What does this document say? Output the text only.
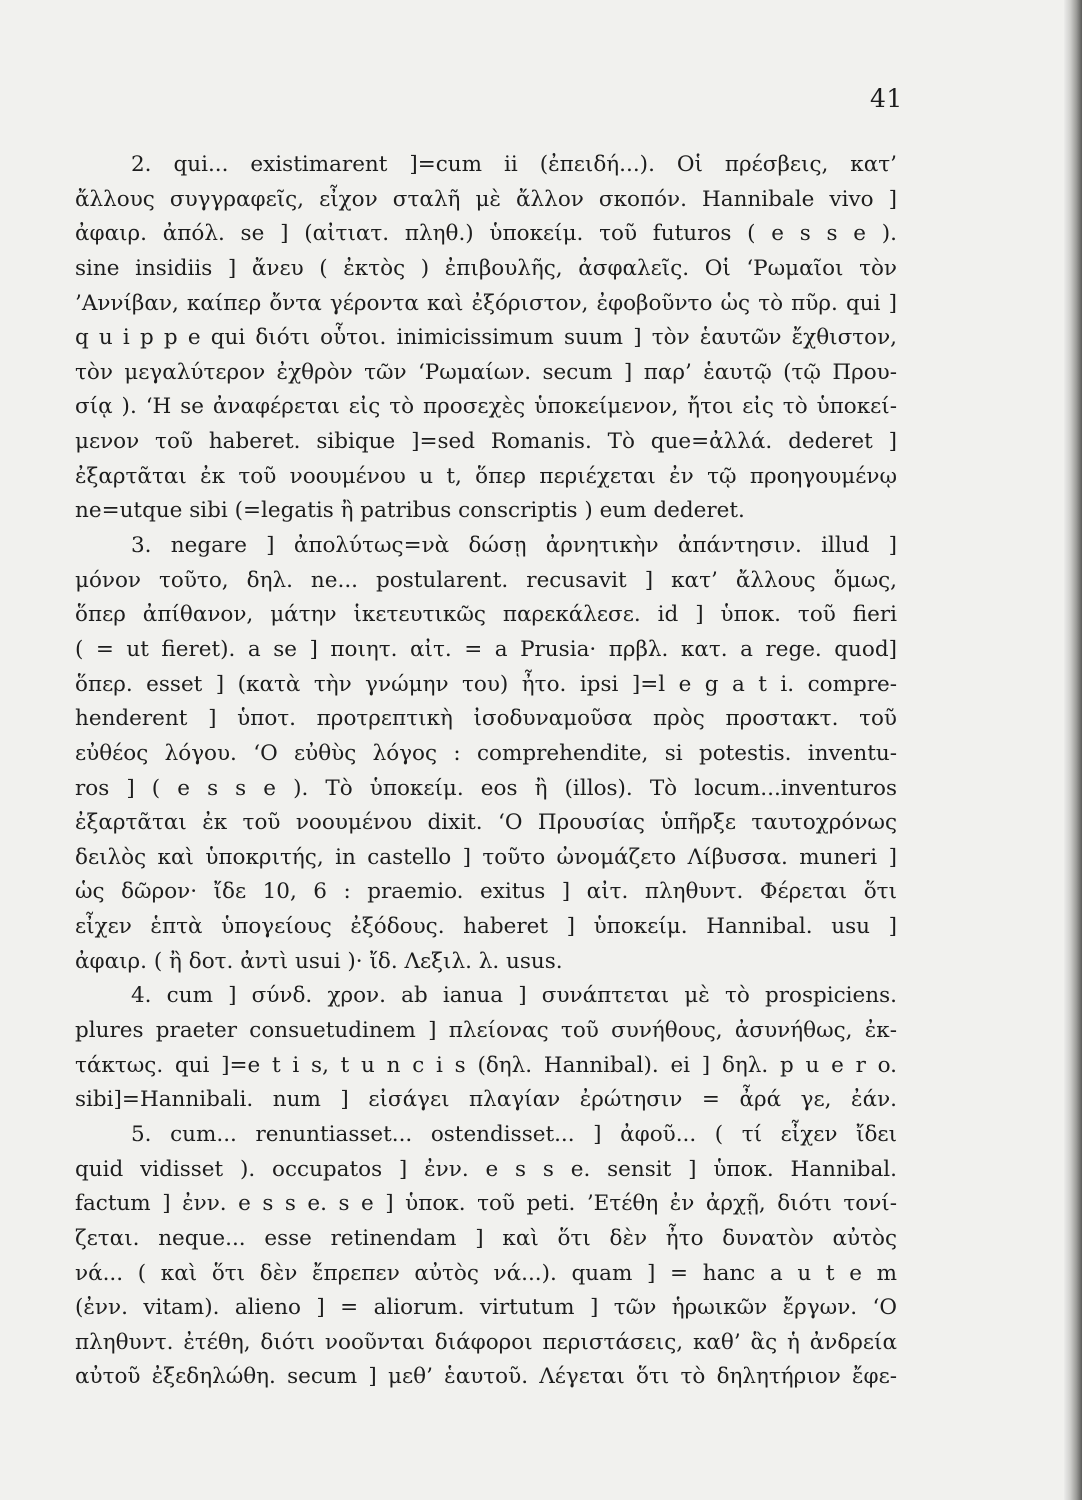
41
2. qui... existimarent ]=cum ii (ἐπειδή...). Οἱ πρέσβεις, κατ’
ἄλλους συγγραφεῖς, εἶχον σταλῆ μὲ ἄλλον σκοπόν. Hannibale vivo ]
ἀφαιρ. ἀπόλ. se ] (αἰτιατ. πληθ.) ὑποκείμ. τοῦ futuros ( e s s e ).
sine insidiis ] ἄνευ ( ἐκτὸς ) ἐπιβουλῆς, ἀσφαλεῖς. Οἱ ‘Ρωμαῖοι τὸν
’Αννίβαν, καίπερ ὄντα γέροντα καὶ ἐξόριστον, ἐφοβοῦντο ὡς τὸ πῦρ. qui ]
q u i p p e qui διότι οὗτοι. inimicissimum suum ] τὸν ἑαυτῶν ἔχθιστον,
τὸν μεγαλύτερον ἐχθρὸν τῶν ‘Ρωμαίων. secum ] παρ’ ἑαυτῷ (τῷ Πρου-
σίᾳ ). ‘Η se ἀναφέρεται εἰς τὸ προσεχὲς ὑποκείμενον, ἤτοι εἰς τὸ ὑποκεί-
μενον τοῦ haberet. sibique ]=sed Romanis. Τὸ que=ἀλλά. dederet ]
ἐξαρτᾶται ἐκ τοῦ νοουμένου u t, ὅπερ περιέχεται ἐν τῷ προηγουμένῳ
ne=utque sibi (=legatis ἢ patribus conscriptis ) eum dederet.
3. negare ] ἀπολύτως=νὰ δώσῃ ἀρνητικὴν ἀπάντησιν. illud ]
μόνον τοῦτο, δηλ. ne... postularent. recusavit ] κατ’ ἄλλους ὅμως,
ὅπερ ἀπίθανον, μάτην ἱκετευτικῶς παρεκάλεσε. id ] ὑποκ. τοῦ fieri
( = ut fieret). a se ] ποιητ. αἰτ. = a Prusia· πρβλ. κατ. a rege. quod]
ὅπερ. esset ] (κατὰ τὴν γνώμην του) ἦτο. ipsi ]=l e g a t i. compre-
henderent ] ὑποτ. προτρεπτικὴ ἰσοδυναμοῦσα πρὸς προστακτ. τοῦ
εὐθέος λόγου. ‘Ο εὐθὺς λόγος : comprehendite, si potestis. inventu-
ros ] ( e s s e ). Τὸ ὑποκείμ. eos ἢ (illos). Τὸ locum...inventuros
ἐξαρτᾶται ἐκ τοῦ νοουμένου dixit. ‘Ο Προυσίας ὑπῆρξε ταυτοχρόνως
δειλὸς καὶ ὑποκριτής, in castello ] τοῦτο ὠνομάζετο Λίβυσσα. muneri ]
ὡς δῶρον· ἴδε 10, 6 : praemio. exitus ] αἰτ. πληθυντ. Φέρεται ὅτι
εἶχεν ἑπτὰ ὑπογείους ἐξόδους. haberet ] ὑποκείμ. Hannibal. usu ]
ἀφαιρ. ( ἢ δοτ. ἀντὶ usui )· ἴδ. Λεξιλ. λ. usus.
4. cum ] σύνδ. χρον. ab ianua ] συνάπτεται μὲ τὸ prospiciens.
plures praeter consuetudinem ] πλείονας τοῦ συνήθους, ἀσυνήθως, ἐκ-
τάκτως. qui ]=e t i s, t u n c i s (δηλ. Hannibal). ei ] δηλ. p u e r o.
sibi]=Hannibali. num ] εἰσάγει πλαγίαν ἐρώτησιν = ἆρά γε, ἐάν.
5. cum... renuntiasset... ostendisset... ] ἀφοῦ... ( τί εἶχεν ἴδει
quid vidisset ). occupatos ] ἐνν. e s s e. sensit ] ὑποκ. Hannibal.
factum ] ἐνν. e s s e. s e ] ὑποκ. τοῦ peti. ’Ετέθη ἐν ἀρχῇ, διότι τονί-
ζεται. neque... esse retinendam ] καὶ ὅτι δὲν ἦτο δυνατὸν αὐτὸς
νά... ( καὶ ὅτι δὲν ἔπρεπεν αὐτὸς νά...). quam ] = hanc a u t e m
(ἐνν. vitam). alieno ] = aliorum. virtutum ] τῶν ἡρωικῶν ἔργων. ‘Ο
πληθυντ. ἐτέθη, διότι νοοῦνται διάφοροι περιστάσεις, καθ’ ἃς ἡ ἀνδρεία
αὐτοῦ ἐξεδηλώθη. secum ] μεθ’ ἑαυτοῦ. Λέγεται ὅτι τὸ δηλητήριον ἔφε-
